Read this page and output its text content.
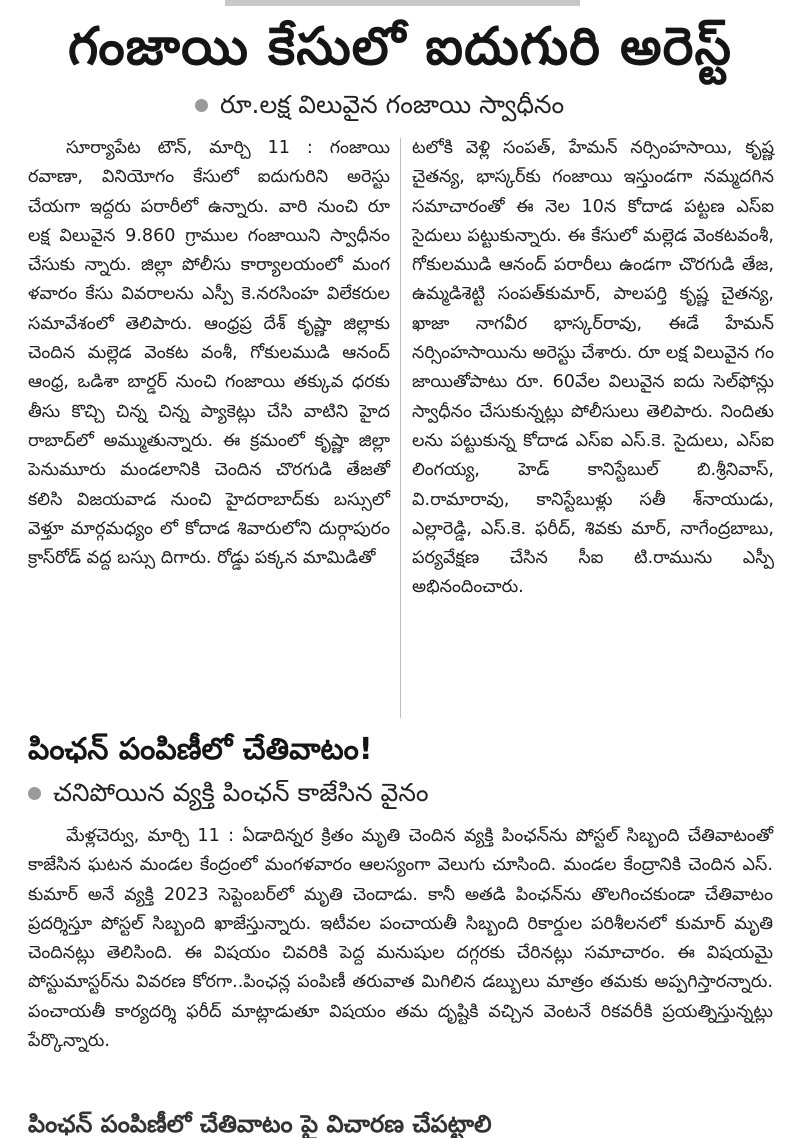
గంజాయి కేసులో ఐదుగురి అరెస్ట్
రూ.లక్ష విలువైన గంజాయి స్వాధీనం

సూర్యాపేట టౌన్, మార్చి 11 : గంజాయి రవాణా, వినియోగం కేసులో ఐదుగురిని అరెస్టు చేయగా ఇద్దరు పరారీలో ఉన్నారు. వారి నుంచి రూ లక్ష విలువైన 9.860 గ్రాముల గంజాయిని స్వాధీనం చేసుకు న్నారు. జిల్లా పోలీసు కార్యాలయంలో మంగ ళవారం కేసు వివరాలను ఎస్పీ కె.నరసింహ విలేకరుల సమావేశంలో తెలిపారు. ఆంధ్రప్ర దేశ్ కృష్ణా జిల్లాకు చెందిన మల్లెడ వెంకట వంశీ, గోకులముడి ఆనంద్ ఆంధ్ర, ఒడిశా బార్డర్ నుంచి గంజాయి తక్కువ ధరకు తీసు కొచ్చి చిన్న చిన్న ప్యాకెట్లు చేసి వాటిని హైద రాబాద్‌లో అమ్ముతున్నారు. ఈ క్రమంలో కృష్ణా జిల్లా పెనుమూరు మండలానికి చెందిన చొరగుడి తేజతో కలిసి విజయవాడ నుంచి హైదరాబాద్‌కు బస్సులో వెళ్తూ మార్గమధ్యం లో కోదాడ శివారులోని దుర్గాపురం క్రాస్‌రోడ్ వద్ద బస్సు దిగారు. రోడ్డు పక్కన మామిడితో

టలోకి వెళ్లి సంపత్, హేమన్ నర్సింహసాయి, కృష్ణ చైతన్య, భాస్కర్‌కు గంజాయి ఇస్తుండగా నమ్మదగిన సమాచారంతో ఈ నెల 10న కోదాడ పట్టణ ఎస్ఐ సైదులు పట్టుకున్నారు. ఈ కేసులో మల్లెడ వెంకటవంశీ, గోకులముడి ఆనంద్ పరారీలు ఉండగా చొరగుడి తేజ, ఉమ్మడిశెట్టి సంపత్‌కుమార్, పాలపర్తి కృష్ణ చైతన్య, ఖాజా నాగవీర భాస్కర్‌రావు, ఈడే హేమన్ నర్సింహసాయిను అరెస్టు చేశారు. రూ లక్ష విలువైన గం జాయితోపాటు రూ. 60వేల విలువైన ఐదు సెల్‌ఫోన్లు స్వాధీనం చేసుకున్నట్లు పోలీసులు తెలిపారు. నిందితు లను పట్టుకున్న కోదాడ ఎస్ఐ ఎస్.కె. సైదులు, ఎస్ఐ లింగయ్య, హెడ్ కానిస్టేబుల్ బి.శ్రీనివాస్, వి.రామారావు, కానిస్టేబుళ్లు సతీ శ్‌నాయుడు, ఎల్లారెడ్డి, ఎస్.కె. ఫరీద్, శివకు మార్, నాగేంద్రబాబు, పర్యవేక్షణ చేసిన సీఐ టి.రామును ఎస్పీ అభినందించారు.

పింఛన్ పంపిణీలో చేతివాటం!
చనిపోయిన వ్యక్తి పింఛన్ కాజేసిన వైనం

మేళ్లచెర్వు, మార్చి 11 : ఏడాదిన్నర క్రితం మృతి చెందిన వ్యక్తి పింఛన్‌ను పోస్టల్ సిబ్బంది చేతివాటంతో కాజేసిన ఘటన మండల కేంద్రంలో మంగళవారం ఆలస్యంగా వెలుగు చూసింది. మండల కేంద్రానికి చెందిన ఎస్. కుమార్ అనే వ్యక్తి 2023 సెప్టెంబర్‌లో మృతి చెందాడు. కానీ అతడి పింఛన్‌ను తొలగించకుండా చేతివాటం ప్రదర్శిస్తూ పోస్టల్ సిబ్బంది ఖాజేస్తున్నారు. ఇటీవల పంచాయతీ సిబ్బంది రికార్డుల పరిశీలనలో కుమార్ మృతి చెందినట్లు తెలిసింది. ఈ విషయం చివరికి పెద్ద మనుషుల దగ్గరకు చేరినట్లు సమాచారం. ఈ విషయమై పోస్టుమాస్టర్‌ను వివరణ కోరగా..పింఛన్ల పంపిణీ తరువాత మిగిలిన డబ్బులు మాత్రం తమకు అప్పగిస్తారన్నారు. పంచాయతీ కార్యదర్శి ఫరీద్ మాట్లాడుతూ విషయం తమ దృష్టికి వచ్చిన వెంటనే రికవరీకి ప్రయత్నిస్తున్నట్లు పేర్కొన్నారు.

పింఛన్ పంపిణీలో చేతివాటం పై విచారణ చేపట్టాలి
